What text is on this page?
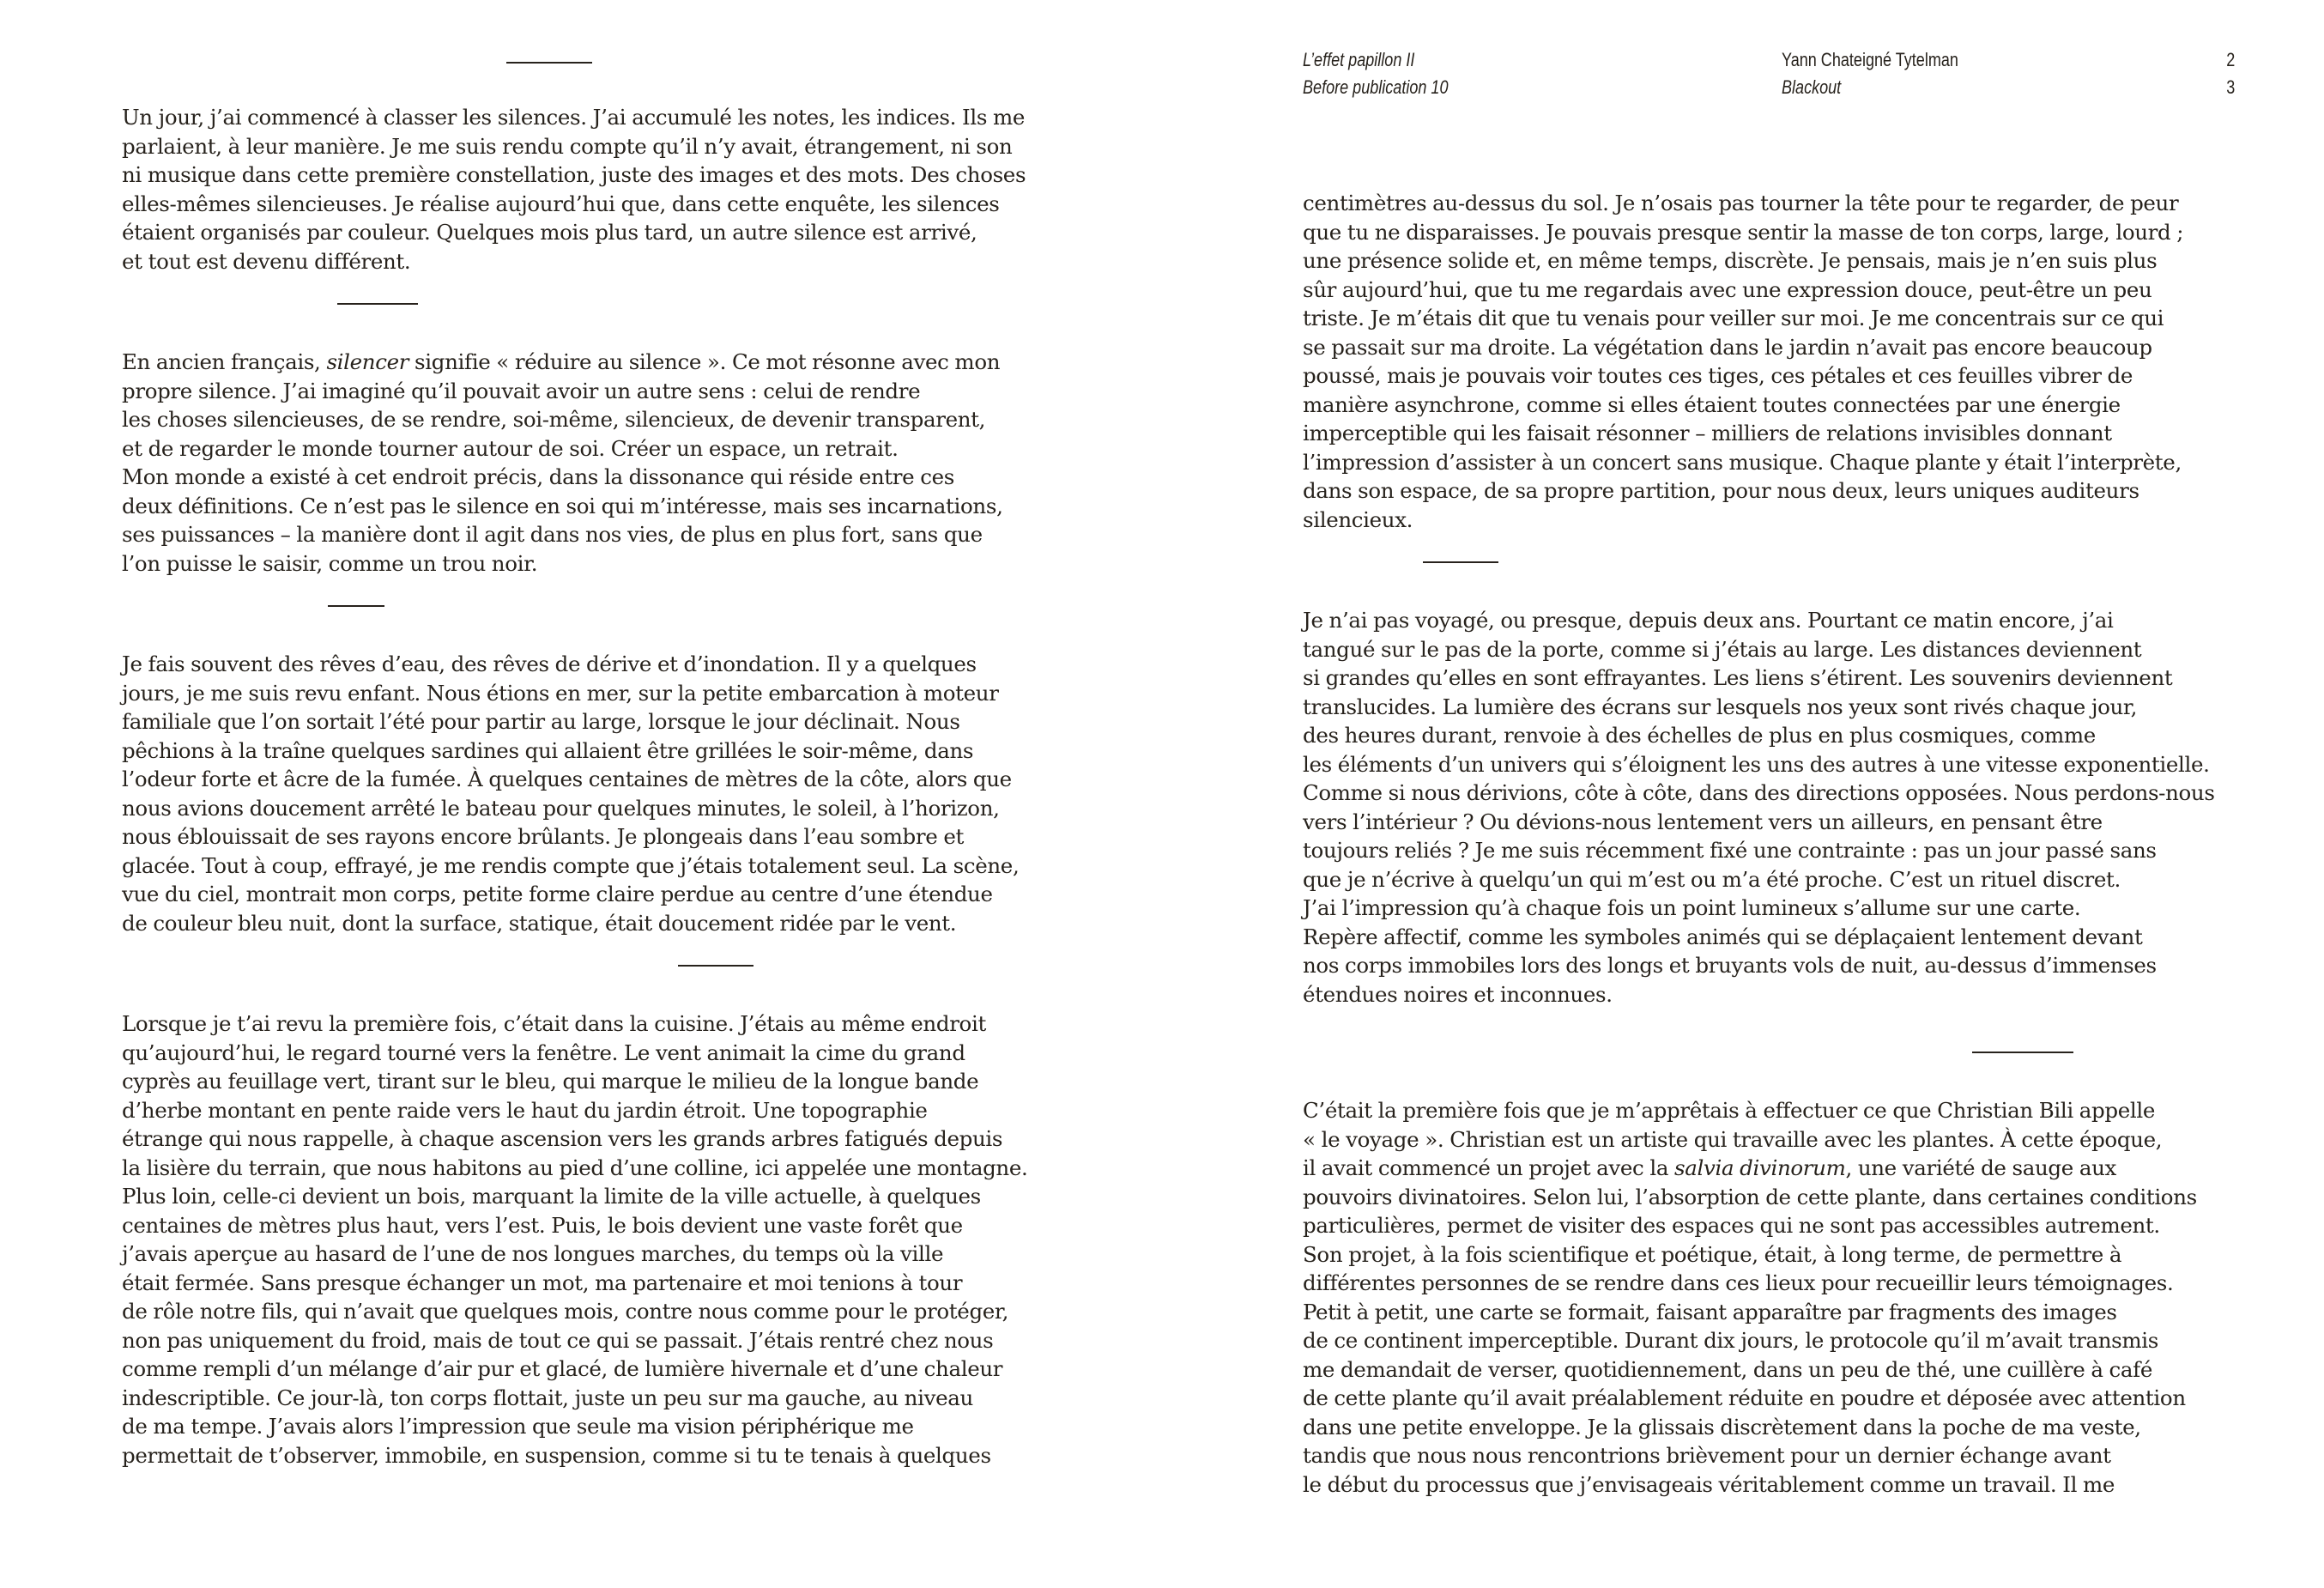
Un jour, j’ai commencé à classer les silences. J’ai accumulé les notes, les indices. Ils me
parlaient, à leur manière. Je me suis rendu compte qu’il n’y avait, étrangement, ni son
ni musique dans cette première constellation, juste des images et des mots. Des choses
elles-mêmes silencieuses. Je réalise aujourd’hui que, dans cette enquête, les silences
étaient organisés par couleur. Quelques mois plus tard, un autre silence est arrivé,
et tout est devenu différent.

En ancien français, silencer signifie « réduire au silence ». Ce mot résonne avec mon
propre silence. J’ai imaginé qu’il pouvait avoir un autre sens : celui de rendre
les choses silencieuses, de se rendre, soi-même, silencieux, de devenir transparent,
et de regarder le monde tourner autour de soi. Créer un espace, un retrait.
Mon monde a existé à cet endroit précis, dans la dissonance qui réside entre ces
deux définitions. Ce n’est pas le silence en soi qui m’intéresse, mais ses incarnations,
ses puissances – la manière dont il agit dans nos vies, de plus en plus fort, sans que
l’on puisse le saisir, comme un trou noir.

Je fais souvent des rêves d’eau, des rêves de dérive et d’inondation. Il y a quelques
jours, je me suis revu enfant. Nous étions en mer, sur la petite embarcation à moteur
familiale que l’on sortait l’été pour partir au large, lorsque le jour déclinait. Nous
pêchions à la traîne quelques sardines qui allaient être grillées le soir-même, dans
l’odeur forte et âcre de la fumée. À quelques centaines de mètres de la côte, alors que
nous avions doucement arrêté le bateau pour quelques minutes, le soleil, à l’horizon,
nous éblouissait de ses rayons encore brûlants. Je plongeais dans l’eau sombre et
glacée. Tout à coup, effrayé, je me rendis compte que j’étais totalement seul. La scène,
vue du ciel, montrait mon corps, petite forme claire perdue au centre d’une étendue
de couleur bleu nuit, dont la surface, statique, était doucement ridée par le vent.

Lorsque je t’ai revu la première fois, c’était dans la cuisine. J’étais au même endroit
qu’aujourd’hui, le regard tourné vers la fenêtre. Le vent animait la cime du grand
cyprès au feuillage vert, tirant sur le bleu, qui marque le milieu de la longue bande
d’herbe montant en pente raide vers le haut du jardin étroit. Une topographie
étrange qui nous rappelle, à chaque ascension vers les grands arbres fatigués depuis
la lisière du terrain, que nous habitons au pied d’une colline, ici appelée une montagne.
Plus loin, celle-ci devient un bois, marquant la limite de la ville actuelle, à quelques
centaines de mètres plus haut, vers l’est. Puis, le bois devient une vaste forêt que
j’avais aperçue au hasard de l’une de nos longues marches, du temps où la ville
était fermée. Sans presque échanger un mot, ma partenaire et moi tenions à tour
de rôle notre fils, qui n’avait que quelques mois, contre nous comme pour le protéger,
non pas uniquement du froid, mais de tout ce qui se passait. J’étais rentré chez nous
comme rempli d’un mélange d’air pur et glacé, de lumière hivernale et d’une chaleur
indescriptible. Ce jour-là, ton corps flottait, juste un peu sur ma gauche, au niveau
de ma tempe. J’avais alors l’impression que seule ma vision périphérique me
permettait de t’observer, immobile, en suspension, comme si tu te tenais à quelques

L’effet papillon II
Before publication 10
Yann Chateigné Tytelman
Blackout
2
3

centimètres au-dessus du sol. Je n’osais pas tourner la tête pour te regarder, de peur
que tu ne disparaisses. Je pouvais presque sentir la masse de ton corps, large, lourd ;
une présence solide et, en même temps, discrète. Je pensais, mais je n’en suis plus
sûr aujourd’hui, que tu me regardais avec une expression douce, peut-être un peu
triste. Je m’étais dit que tu venais pour veiller sur moi. Je me concentrais sur ce qui
se passait sur ma droite. La végétation dans le jardin n’avait pas encore beaucoup
poussé, mais je pouvais voir toutes ces tiges, ces pétales et ces feuilles vibrer de
manière asynchrone, comme si elles étaient toutes connectées par une énergie
imperceptible qui les faisait résonner – milliers de relations invisibles donnant
l’impression d’assister à un concert sans musique. Chaque plante y était l’interprète,
dans son espace, de sa propre partition, pour nous deux, leurs uniques auditeurs
silencieux.

Je n’ai pas voyagé, ou presque, depuis deux ans. Pourtant ce matin encore, j’ai
tangué sur le pas de la porte, comme si j’étais au large. Les distances deviennent
si grandes qu’elles en sont effrayantes. Les liens s’étirent. Les souvenirs deviennent
translucides. La lumière des écrans sur lesquels nos yeux sont rivés chaque jour,
des heures durant, renvoie à des échelles de plus en plus cosmiques, comme
les éléments d’un univers qui s’éloignent les uns des autres à une vitesse exponentielle.
Comme si nous dérivions, côte à côte, dans des directions opposées. Nous perdons-nous
vers l’intérieur ? Ou dévions-nous lentement vers un ailleurs, en pensant être
toujours reliés ? Je me suis récemment fixé une contrainte : pas un jour passé sans
que je n’écrive à quelqu’un qui m’est ou m’a été proche. C’est un rituel discret.
J’ai l’impression qu’à chaque fois un point lumineux s’allume sur une carte.
Repère affectif, comme les symboles animés qui se déplaçaient lentement devant
nos corps immobiles lors des longs et bruyants vols de nuit, au-dessus d’immenses
étendues noires et inconnues.

C’était la première fois que je m’apprêtais à effectuer ce que Christian Bili appelle
« le voyage ». Christian est un artiste qui travaille avec les plantes. À cette époque,
il avait commencé un projet avec la salvia divinorum, une variété de sauge aux
pouvoirs divinatoires. Selon lui, l’absorption de cette plante, dans certaines conditions
particulières, permet de visiter des espaces qui ne sont pas accessibles autrement.
Son projet, à la fois scientifique et poétique, était, à long terme, de permettre à
différentes personnes de se rendre dans ces lieux pour recueillir leurs témoignages.
Petit à petit, une carte se formait, faisant apparaître par fragments des images
de ce continent imperceptible. Durant dix jours, le protocole qu’il m’avait transmis
me demandait de verser, quotidiennement, dans un peu de thé, une cuillère à café
de cette plante qu’il avait préalablement réduite en poudre et déposée avec attention
dans une petite enveloppe. Je la glissais discrètement dans la poche de ma veste,
tandis que nous nous rencontrions brièvement pour un dernier échange avant
le début du processus que j’envisageais véritablement comme un travail. Il me
